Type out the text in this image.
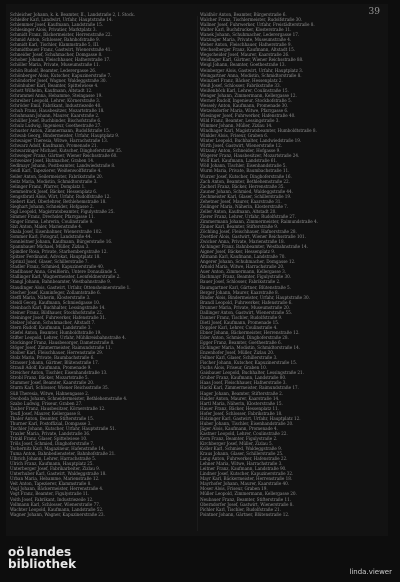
39
Schleicher Johann, k. k. Beamter, II., Landstraße 2, I. Stock.
Schleifer Karl, Landwirt, Urfahr, Hauptstraße 14.
Schlemmer Josef, Kaufmann, Landstraße 15.
Schlesinger Alois, Privatier, Marktplatz 3.
Schmidt Franz, Bäckermeister, Herrenstraße 22.
Schmid Anton, Schlosser, Bahnhofstraße 9.
Schmidt Karl, Tischler, Klammstraße 5, III.
Schmidtbauer Franz, Gastwirt, Wienerstraße 41.
Schneider Josef, Schuhmacher, Domgasse 8.
Schober Johann, Fleischhauer, Hafnerstraße 17.
Schöller Maria, Private, Museumstraße 11.
Schön Rudolf, Beamter, Lederergasse 26.
Schönberger Alois, Kutscher, Kapuzinerstraße 7.
Schöndorfer Josef, Wagner, Waldeggstraße 30.
Schönhuber Karl, Beamter, Spittelwiese 4.
Schott Wilhelm, Kaufmann, Altstadt 12.
Schrammel Anna, Hebamme, Steingasse 19.
Schreiber Leopold, Lehrer, Körnerstraße 3.
Schröder Emil, Fabrikant, Industriezeile 40.
Schuh Franz, Hausbesitzer, Mozartstraße 18.
Schuhmann Johann, Maurer, Kaarstraße 2.
Schüller Josef, Buchbinder, Bischofstraße 6.
Schulz Ludwig, Ingenieur, Goethestraße 27.
Schuster Anton, Zimmermann, Rudolfstraße 15.
Schwab Georg, Bindermeister, Urfahr, Hauptplatz 9.
Schwaiger Theresia, Witwe, Harrachstraße 13.
Schwarz Adolf, Kaufmann, Promenade 21.
Schwarzinger Michael, Kutscher, Dinghoferstraße 35.
Schweiger Franz, Gärtner, Wiener Reichsstraße 60.
Schweizer Josef, Hutmacher, Graben 14.
Sedlmayr Johann, Postbeamter, Landwiedstraße 8.
Seidl Karl, Tapezierer, Weißenwolffstraße 4.
Seiler Anton, Seilermeister, Fabrikstraße 20.
Seitz Maria, Modistin, Schmidtorstraße 3.
Selinger Franz, Pfarrer, Domplatz 1.
Semmelrock Josef, Bäcker, Hessenplatz 6.
Sengstbratl Alois, Wirt, Urfahr, Rudolfstraße 12.
Siebert Karl, Oberlehrer, Bethlehemstraße 18.
Sieghart Johann, Schneider, Hofgasse 2.
Sigl Leopold, Magistratsbeamter, Figulystraße 25.
Simmer Franz, Drechsler, Pfarrgasse 11.
Singer Emma, Lehrerin, Coulinstraße 9.
Sixt Anton, Maler, Marienstraße 4.
Skala Josef, Eisenbahner, Wienerstraße 102.
Sommer Karl, Fotograf, Landstraße 44.
Sonnleitner Johann, Kaufmann, Bürgerstraße 16.
Spannbauer Michael, Müller, Zizlau 3.
Spindler Rosa, Private, Starhembergstraße 12.
Spitzer Ferdinand, Advokat, Hauptplatz 18.
Sprinzl Josef, Glaser, Schillerstraße 7.
Stadler Franz, Schmied, Kapuzinerstraße 40.
Stadlbauer Anna, Greißlerin, Untere Donaulände 5.
Stallinger Karl, Wagnermeister, Leonfeldnerstraße 2.
Stangl Johann, Bahnbeamter, Westbahnstraße 9.
Staudinger Alois, Gastwirt, Urfahr, Ottensheimerstraße 1.
Stecher Josef, Kaminfeger, Zollamtstraße 6.
Steffl Maria, Näherin, Klosterstraße 3.
Steidl Georg, Kaufmann, Schmiedgasse 10.
Steinbach Karl, Buchhalter, Lessingstraße 14.
Steiner Franz, Bildhauer, Stockhofstraße 22.
Steininger Josef, Fuhrwerker, Hafenstraße 31.
Stelzer Johann, Schuhmacher, Altstadt 7.
Stern Rudolf, Kaufmann, Landstraße 3.
Stiefel Anton, Beamter, Humboldtstraße 19.
Stifter Leopold, Lehrer, Urfahr, Mühlkreisbahnstraße 4.
Stockinger Franz, Hausbesorger, Dametzstraße 8.
Stöger Josef, Zimmermeister, Raimundstraße 11.
Stoiber Karl, Fleischhauer, Herrenstraße 29.
Stolz Maria, Private, Baumbachstraße 6.
Strasser Johann, Gärtner, Blütenstraße 17.
Strauß Adolf, Kaufmann, Promenade 9.
Streicher Anton, Tischler, Eisenhandstraße 13.
Strobl Franz, Bäcker, Mozartstraße 5.
Stummer Josef, Beamter, Kaarstraße 20.
Sturm Karl, Schlosser, Wiener Reichsstraße 35.
Süß Theresia, Witwe, Hahnengasse 2.
Swoboda Johann, Schneidermeister, Bethlehemstraße 4.
Szabo Ludwig, Friseur, Graben 27.
Tauber Franz, Hausbesitzer, Körnerstraße 12.
Teufl Josef, Maurer, Kellergasse 8.
Thaler Anton, Beamter, Stifterstraße 15.
Thurner Karl, Postoffizial, Domgasse 3.
Tischler Johann, Kutscher, Urfahr, Hauptstraße 51.
Traxler Maria, Private, Landstraße 36.
Trinkl Franz, Glaser, Spittelwiese 10.
Tröls Josef, Schmied, Dinghoferstraße 7.
Tschernitz Karl, Magazineur, Hafenstraße 14.
Tuma Anton, Bahnbediensteter, Bahnhofstraße 21.
Ulbrich Johann, Lehrer, Harrachstraße 5.
Ulrich Franz, Kaufmann, Hauptplatz 25.
Unterberger Josef, Fabrikarbeiter, Zizlau 9.
Unterhuber Karl, Gastwirt, Waldeggstraße 18.
Urban Maria, Hebamme, Marienstraße 12.
Veit Anton, Tapezierer, Klammstraße 8.
Vogl Johann, Bäckermeister, Herrenstraße 4.
Vogt Franz, Beamter, Figulystraße 11.
Voith Josef, Fabrikant, Industriezeile 12.
Vollmann Karl, Schlosser, Wienerstraße 77.
Wachter Leopold, Kaufmann, Landstraße 52.
Wagner Johann, Wagner, Kapuzinerstraße 23.
Waldhör Anton, Beamter, Bürgerstraße 6.
Walcher Franz, Tischlermeister, Rudolfstraße 30.
Wallner Josef, Fuhrwerker, Urfahr, Freistädterstraße 8.
Walter Karl, Buchdrucker, Klosterstraße 11.
Wanek Johann, Schuhmacher, Lederergasse 17.
Watzinger Maria, Private, Museumstraße 4.
Weber Anton, Fleischhauer, Hafnerstraße 9.
Wechselberger Franz, Kaufmann, Altstadt 15.
Wegscheider Josef, Maurer, Kaarstraße 26.
Weidinger Karl, Gärtner, Wiener Reichsstraße 88.
Weigl Johann, Beamter, Goethestraße 13.
Weinberger Alois, Gastwirt, Urfahr, Hauptplatz 3.
Weingartner Anna, Modistin, Schmidtorstraße 8.
Weinzierl Franz, Bäcker, Hessenplatz 2.
Weiß Josef, Schlosser, Fabrikstraße 33.
Weißenböck Karl, Lehrer, Coulinstraße 15.
Wenger Johann, Zimmermann, Kellergasse 12.
Werner Rudolf, Ingenieur, Stockhofstraße 5.
Wessely Anton, Kaufmann, Promenade 30.
Wetzelsdorfer Maria, Witwe, Pfarrgasse 6.
Wiesinger Josef, Fuhrwerker, Hafenstraße 40.
Wild Franz, Beamter, Lessingstraße 3.
Wimmer Johann, Müller, Zizlau 14.
Windhager Karl, Magistratsbeamter, Humboldtstraße 8.
Winkler Alois, Friseur, Graben 6.
Winter Leopold, Buchhalter, Landwiedstraße 19.
Wirth Josef, Gastwirt, Wienerstraße 12.
Witzany Anton, Schneider, Hofgasse 9.
Wögerer Franz, Hausbesitzer, Mozartstraße 24.
Wolf Karl, Kaufmann, Landstraße 61.
Wöß Johann, Tischler, Eisenhandstraße 5.
Wurm Maria, Private, Baumbachstraße 11.
Wurzer Josef, Kutscher, Dinghoferstraße 16.
Zach Anton, Beamter, Bethlehemstraße 22.
Zacherl Franz, Bäcker, Herrenstraße 35.
Zauner Johann, Schmied, Waldeggstraße 44.
Zechmeister Karl, Glaser, Schillerstraße 19.
Zehetner Josef, Maurer, Kaarstraße 31.
Zeilinger Maria, Näherin, Klosterstraße 7.
Zeller Anton, Kaufmann, Altstadt 20.
Zierer Franz, Lehrer, Urfahr, Rudolfstraße 27.
Zimmermann Johann, Zimmermeister, Raimundstraße 4.
Zinner Karl, Beamter, Stifterstraße 9.
Zöchling Josef, Fleischhauer, Hafnerstraße 28.
Zwettler Alois, Gastwirt, Wiener Reichsstraße 101.
Zwicker Anna, Private, Marienstraße 18.
Aichinger Franz, Bahnbeamter, Westbahnstraße 14.
Aigner Josef, Bäcker, Hessenplatz 9.
Altmann Karl, Kaufmann, Landstraße 70.
Angerer Johann, Schuhmacher, Domgasse 12.
Arnold Maria, Witwe, Harrachstraße 20.
Auer Anton, Zimmermann, Kellergasse 3.
Bachmayr Franz, Beamter, Figulystraße 30.
Bauer Josef, Schlosser, Fabrikstraße 2.
Baumgartner Karl, Gärtner, Blütenstraße 5.
Berger Johann, Maurer, Kaarstraße 8.
Binder Alois, Bindermeister, Urfahr, Hauptstraße 30.
Brandl Leopold, Fuhrwerker, Hafenstraße 6.
Brunner Maria, Private, Museumstraße 20.
Dallinger Anton, Gastwirt, Wienerstraße 55.
Danner Franz, Tischler, Rudolfstraße 9.
Dietl Josef, Kaufmann, Promenade 15.
Doppler Karl, Lehrer, Coulinstraße 4.
Ebner Johann, Bäckermeister, Herrenstraße 12.
Eder Anton, Schmied, Dinghoferstraße 28.
Egger Franz, Beamter, Goethestraße 6.
Eichinger Maria, Modistin, Schmidtorstraße 14.
Enzenhofer Josef, Müller, Zizlau 20.
Fellner Karl, Glaser, Schillerstraße 3.
Fischer Johann, Kutscher, Kapuzinerstraße 15.
Fuchs Alois, Friseur, Graben 10.
Gaisbauer Leopold, Buchhalter, Lessingstraße 21.
Gruber Franz, Kaufmann, Landstraße 80.
Haas Josef, Fleischhauer, Hafnerstraße 3.
Hackl Karl, Zimmermeister, Raimundstraße 17.
Hager Johann, Beamter, Stifterstraße 2.
Haider Anton, Maurer, Kaarstraße 14.
Hartl Maria, Näherin, Klosterstraße 15.
Hauer Franz, Bäcker, Hessenplatz 11.
Hofer Josef, Schlosser, Fabrikstraße 18.
Holzinger Karl, Gastwirt, Urfahr, Hauptplatz 12.
Huber Johann, Tischler, Eisenhandstraße 20.
Jäger Alois, Kaufmann, Promenade 4.
Kastner Leopold, Lehrer, Coulinstraße 22.
Kern Franz, Beamter, Figulystraße 2.
Kirchberger Josef, Müller, Zizlau 5.
Koller Karl, Schmied, Waldeggstraße 9.
Kraus Johann, Glaser, Schillerstraße 25.
Lang Anton, Fuhrwerker, Hafenstraße 22.
Lehner Maria, Witwe, Harrachstraße 3.
Leitner Franz, Kaufmann, Landstraße 90.
Lindner Josef, Kutscher, Kapuzinerstraße 32.
Mayr Karl, Bäckermeister, Herrenstraße 18.
Mayrhofer Johann, Maurer, Kaarstraße 40.
Moser Alois, Friseur, Graben 19.
Müller Leopold, Zimmermann, Kellergasse 20.
Neubauer Franz, Beamter, Stifterstraße 11.
Oberndorfer Josef, Gastwirt, Wienerstraße 8.
Pichler Karl, Tischler, Rudolfstraße 21.
Pointner Johann, Gärtner, Blütenstraße 12.
oö landes
bibliothek
linda.viewer
